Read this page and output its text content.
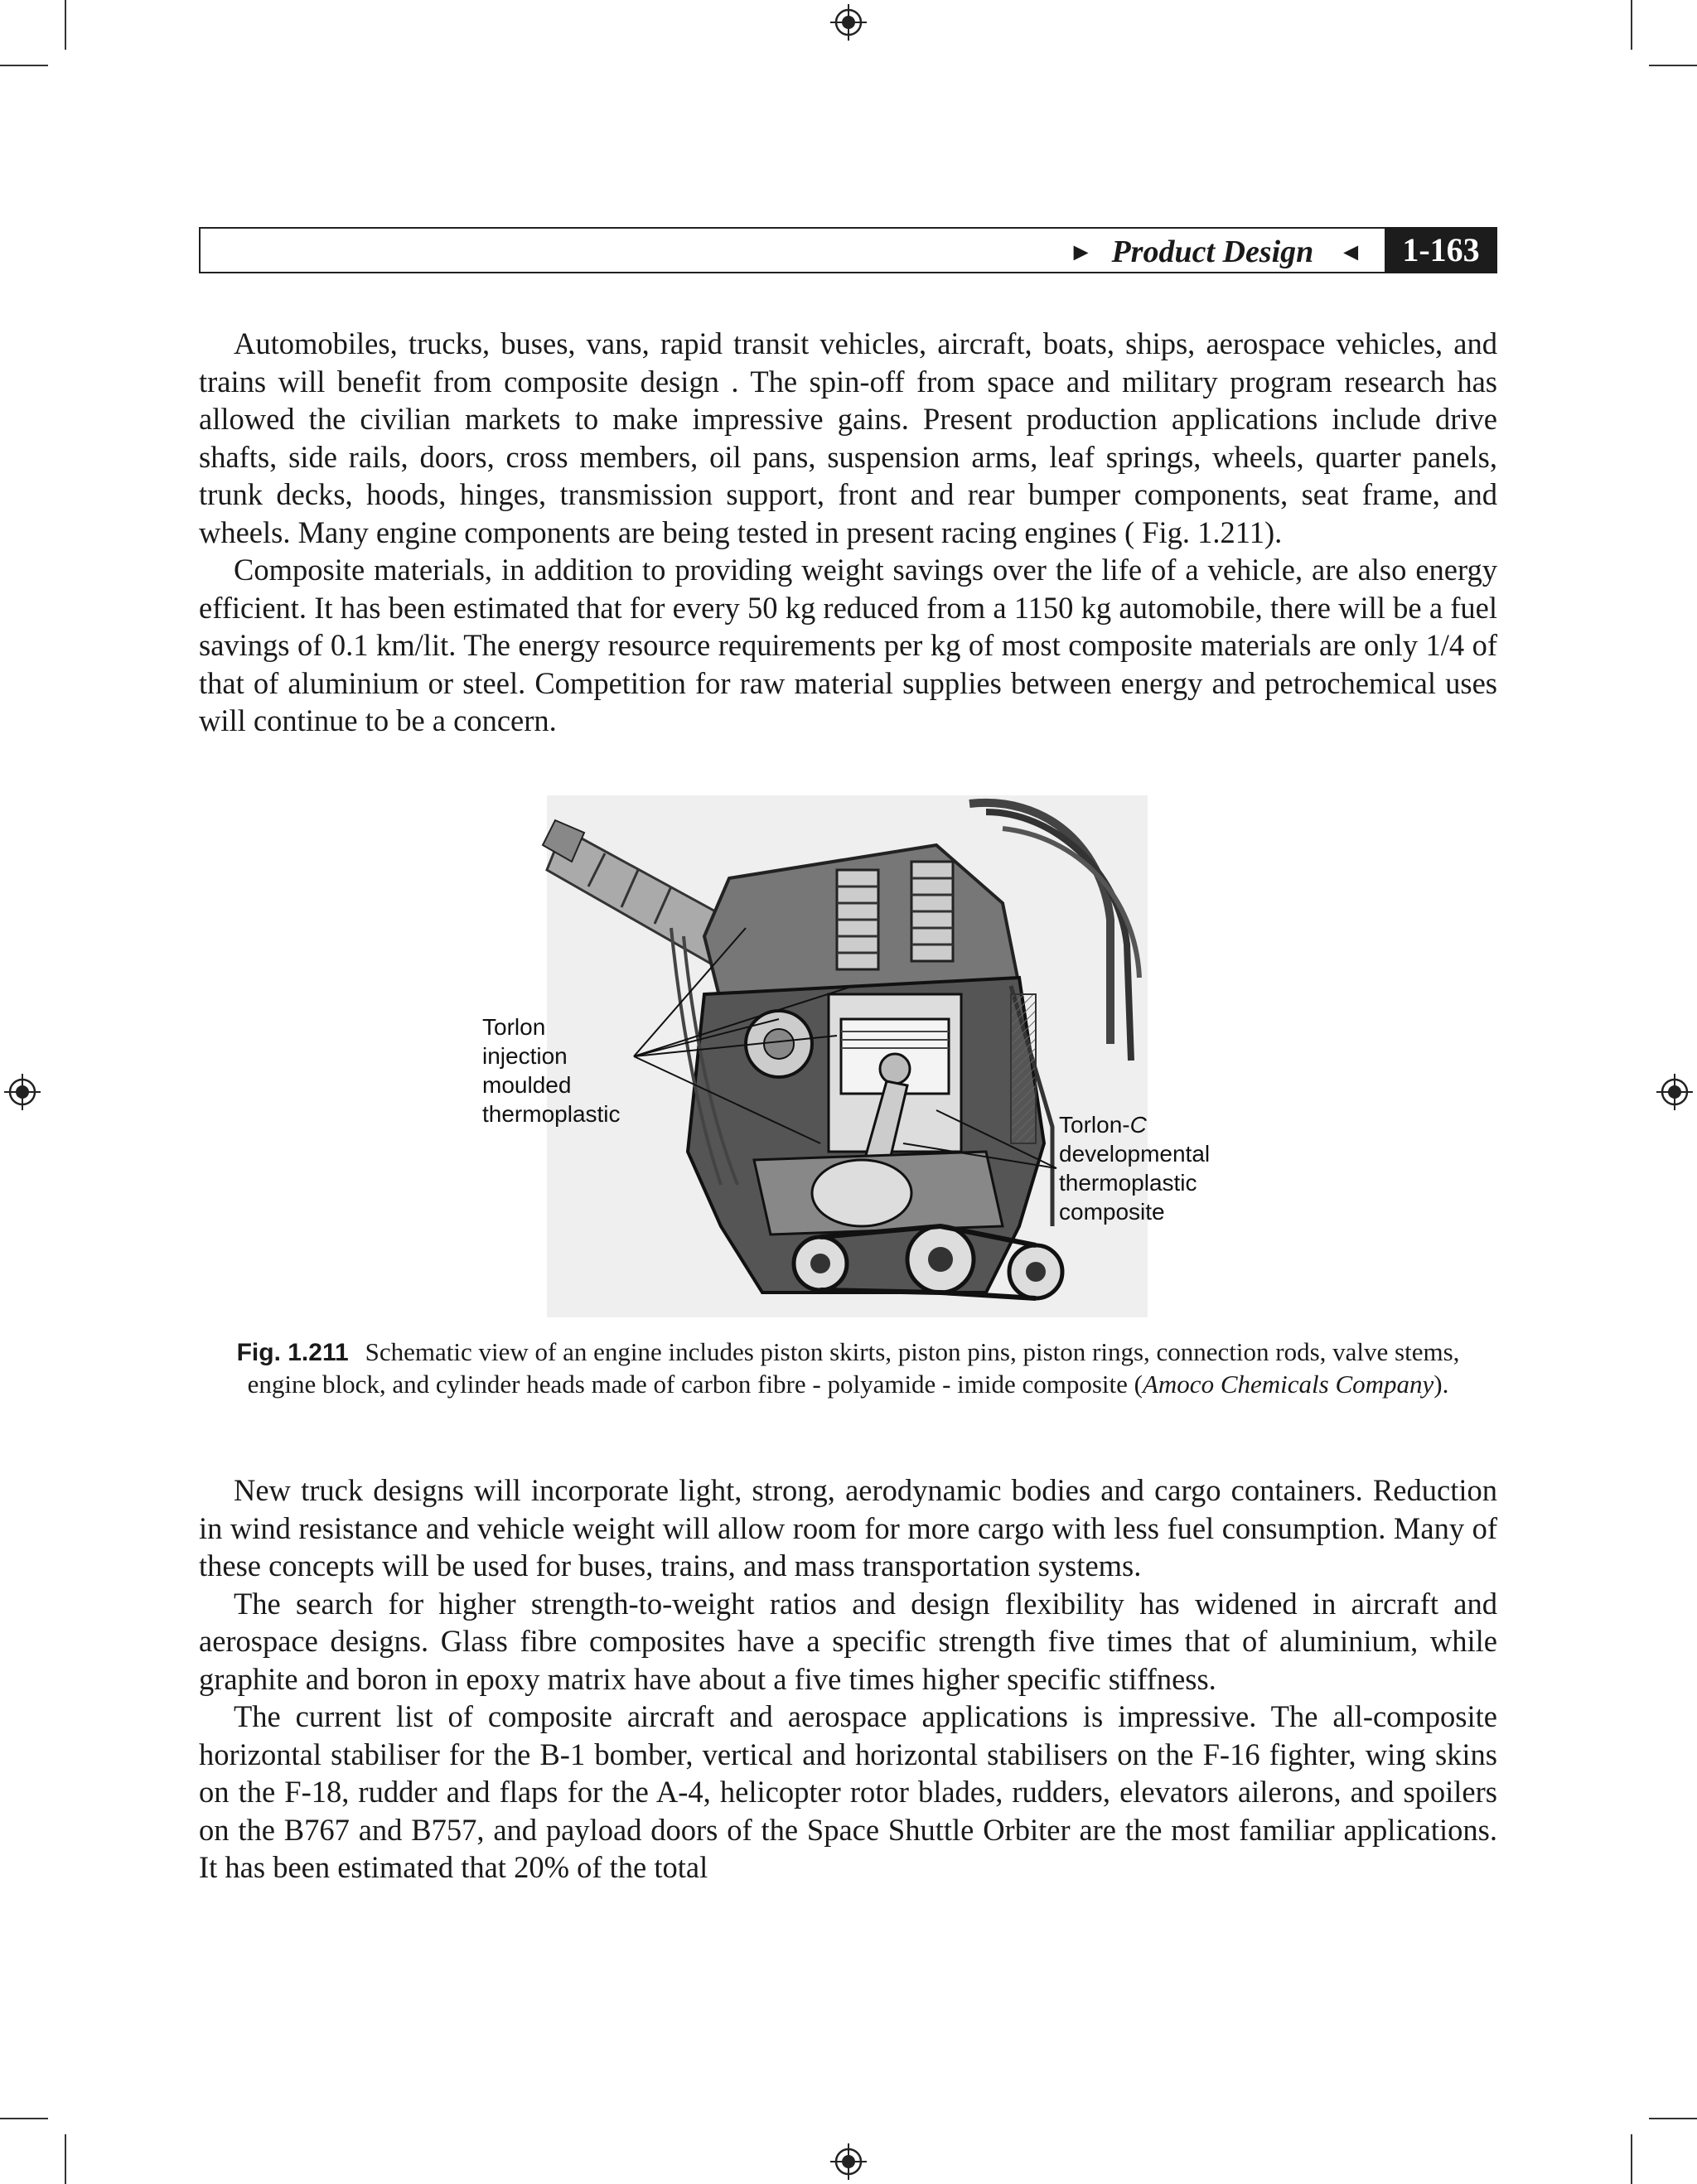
► Product Design ◄	1-163

Automobiles, trucks, buses, vans, rapid transit vehicles, aircraft, boats, ships, aerospace vehicles, and trains will benefit from composite design . The spin-off from space and military program research has allowed the civilian markets to make impressive gains. Present production applications include drive shafts, side rails, doors, cross members, oil pans, suspension arms, leaf springs, wheels, quarter panels, trunk decks, hoods, hinges, transmission support, front and rear bumper components, seat frame, and wheels. Many engine components are being tested in present racing engines ( Fig. 1.211).

Composite materials, in addition to providing weight savings over the life of a vehicle, are also energy efficient. It has been estimated that for every 50 kg reduced from a 1150 kg automobile, there will be a fuel savings of 0.1 km/lit. The energy resource requirements per kg of most composite materials are only 1/4 of that of aluminium or steel. Competition for raw material supplies between energy and petrochemical uses will continue to be a concern.

Torlon
injection
moulded
thermoplastic	Torlon-C
developmental
thermoplastic
composite
Fig. 1.211 Schematic view of an engine includes piston skirts, piston pins, piston rings, connection rods, valve stems, engine block, and cylinder heads made of carbon fibre - polyamide - imide composite (Amoco Chemicals Company).

New truck designs will incorporate light, strong, aerodynamic bodies and cargo containers. Reduction in wind resistance and vehicle weight will allow room for more cargo with less fuel consumption. Many of these concepts will be used for buses, trains, and mass transportation systems.

The search for higher strength-to-weight ratios and design flexibility has widened in aircraft and aerospace designs. Glass fibre composites have a specific strength five times that of aluminium, while graphite and boron in epoxy matrix have about a five times higher specific stiffness.

The current list of composite aircraft and aerospace applications is impressive. The all-composite horizontal stabiliser for the B-1 bomber, vertical and horizontal stabilisers on the F-16 fighter, wing skins on the F-18, rudder and flaps for the A-4, helicopter rotor blades, rudders, elevators ailerons, and spoilers on the B767 and B757, and payload doors of the Space Shuttle Orbiter are the most familiar applications. It has been estimated that 20% of the total
